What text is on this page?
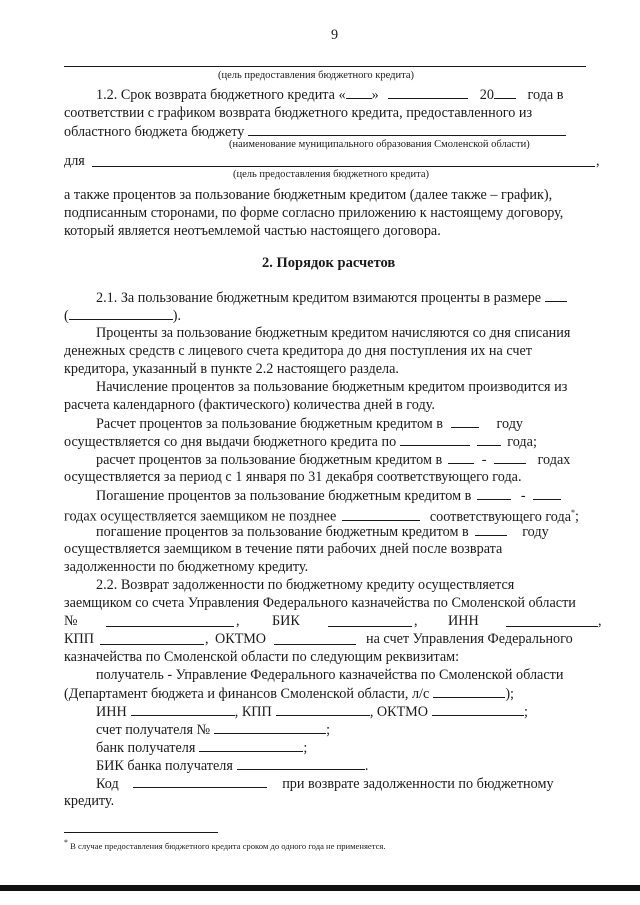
9
(цель предоставления бюджетного кредита)
1.2. Срок возврата бюджетного кредита « »	20 года в
соответствии с графиком возврата бюджетного кредита, предоставленного из
областного бюджета бюджету
(наименование муниципального образования Смоленской области)
для	,
(цель предоставления бюджетного кредита)
а также процентов за пользование бюджетным кредитом (далее также – график),
подписанным сторонами, по форме согласно приложению к настоящему договору,
который является неотъемлемой частью настоящего договора.
2. Порядок расчетов
2.1. За пользование бюджетным кредитом взимаются проценты в размере
(	).
Проценты за пользование бюджетным кредитом начисляются со дня списания
денежных средств с лицевого счета кредитора до дня поступления их на счет
кредитора, указанный в пункте 2.2 настоящего раздела.
Начисление процентов за пользование бюджетным кредитом производится из
расчета календарного (фактического) количества дней в году.
Расчет процентов за пользование бюджетным кредитом в	году
осуществляется со дня выдачи бюджетного кредита по	года;
расчет процентов за пользование бюджетным кредитом в	-	годах
осуществляется за период с 1 января по 31 декабря соответствующего года.
Погашение процентов за пользование бюджетным кредитом в	-
годах осуществляется заемщиком не позднее	соответствующего года*;
погашение процентов за пользование бюджетным кредитом в	году
осуществляется заемщиком в течение пяти рабочих дней после возврата
задолженности по бюджетному кредиту.
2.2. Возврат задолженности по бюджетному кредиту осуществляется
заемщиком со счета Управления Федерального казначейства по Смоленской области
№	, БИК	, ИНН	,
КПП	, ОКТМО	на счет Управления Федерального
казначейства по Смоленской области по следующим реквизитам:
получатель - Управление Федерального казначейства по Смоленской области
(Департамент бюджета и финансов Смоленской области, л/с	);
ИНН	, КПП	, ОКТМО	;
счет получателя №	;
банк получателя	;
БИК банка получателя	.
Код	при возврате задолженности по бюджетному
кредиту.
* В случае предоставления бюджетного кредита сроком до одного года не применяется.
